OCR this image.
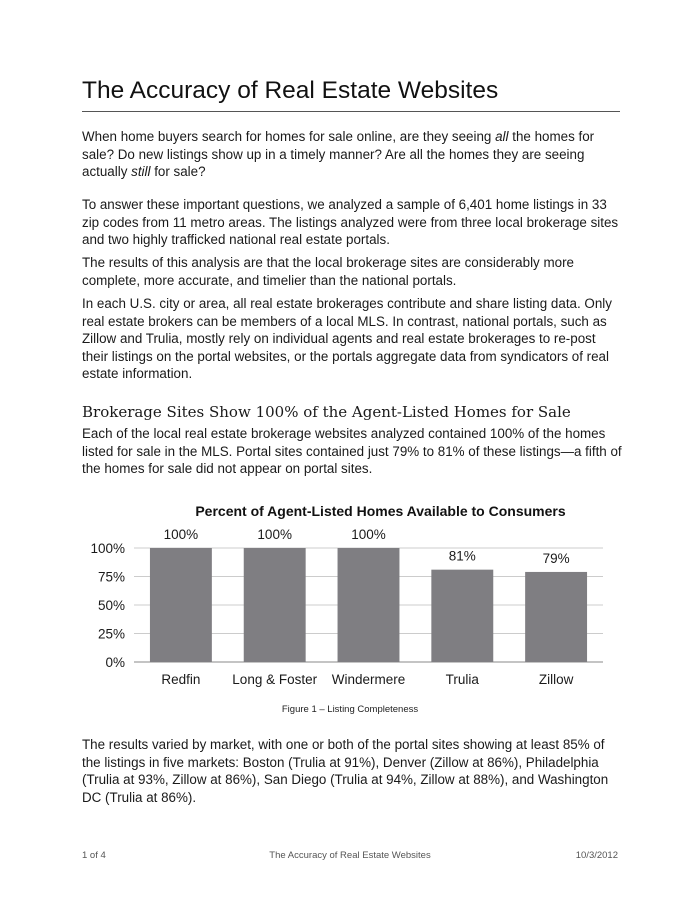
The Accuracy of Real Estate Websites

When home buyers search for homes for sale online, are they seeing all the homes for sale? Do new listings show up in a timely manner? Are all the homes they are seeing actually still for sale?

To answer these important questions, we analyzed a sample of 6,401 home listings in 33 zip codes from 11 metro areas. The listings analyzed were from three local brokerage sites and two highly trafficked national real estate portals.

The results of this analysis are that the local brokerage sites are considerably more complete, more accurate, and timelier than the national portals.

In each U.S. city or area, all real estate brokerages contribute and share listing data. Only real estate brokers can be members of a local MLS. In contrast, national portals, such as Zillow and Trulia, mostly rely on individual agents and real estate brokerages to re-post their listings on the portal websites, or the portals aggregate data from syndicators of real estate information.

Brokerage Sites Show 100% of the Agent-Listed Homes for Sale

Each of the local real estate brokerage websites analyzed contained 100% of the homes listed for sale in the MLS. Portal sites contained just 79% to 81% of these listings—a fifth of the homes for sale did not appear on portal sites.

Percent of Agent-Listed Homes Available to Consumers
0%
25%
50%
75%
100%
100%
Redfin
100%
Long & Foster
100%
Windermere
81%
Trulia
79%
Zillow
Figure 1 – Listing Completeness

The results varied by market, with one or both of the portal sites showing at least 85% of the listings in five markets: Boston (Trulia at 91%), Denver (Zillow at 86%), Philadelphia (Trulia at 93%, Zillow at 86%), San Diego (Trulia at 94%, Zillow at 88%), and Washington DC (Trulia at 86%).

1 of 4	The Accuracy of Real Estate Websites	10/3/2012
